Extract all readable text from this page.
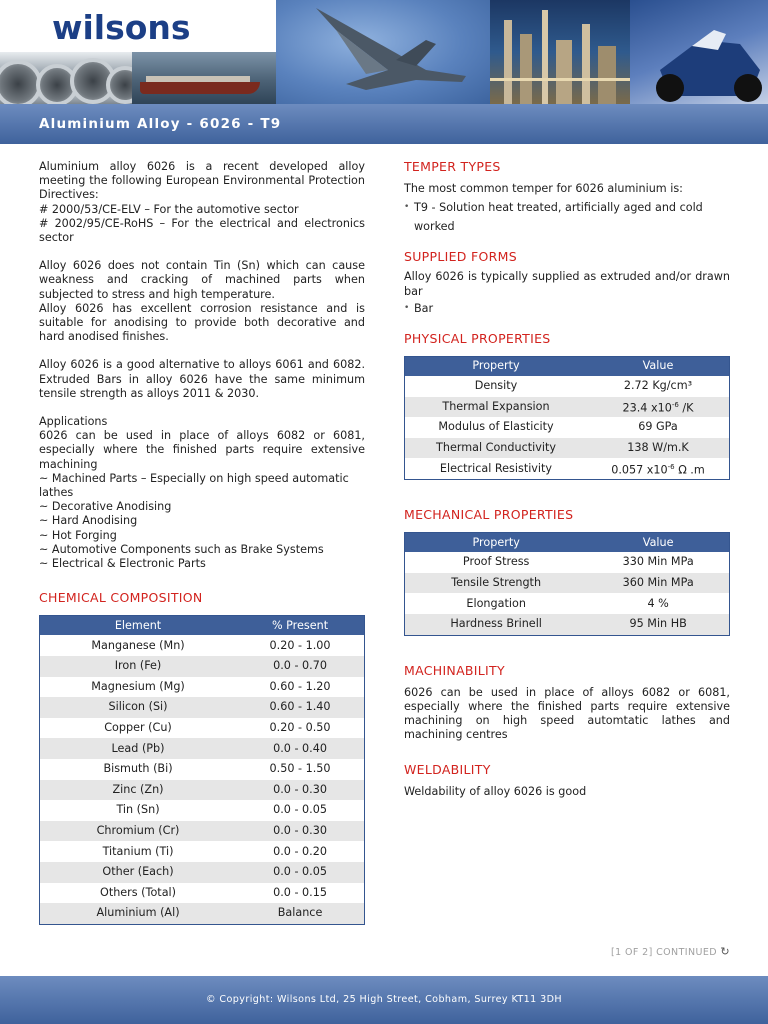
wilsons
Aluminium Alloy - 6026 - T9

Aluminium alloy 6026 is a recent developed alloy meeting the following European Environmental Protection Directives:

# 2000/53/CE-ELV – For the automotive sector

# 2002/95/CE-RoHS – For the electrical and electronics sector

Alloy 6026 does not contain Tin (Sn) which can cause weakness and cracking of machined parts when subjected to stress and high temperature.

Alloy 6026 has excellent corrosion resistance and is suitable for anodising to provide both decorative and hard anodised finishes.

Alloy 6026 is a good alternative to alloys 6061 and 6082. Extruded Bars in alloy 6026 have the same minimum tensile strength as alloys 2011 & 2030.

Applications

6026 can be used in place of alloys 6082 or 6081, especially where the finished parts require extensive machining

~ Machined Parts – Especially on high speed automatic lathes

~ Decorative Anodising

~ Hard Anodising

~ Hot Forging

~ Automotive Components such as Brake Systems

~ Electrical & Electronic Parts

CHEMICAL COMPOSITION

Element	% Present
Manganese (Mn)	0.20 - 1.00
Iron (Fe)	0.0 - 0.70
Magnesium (Mg)	0.60 - 1.20
Silicon (Si)	0.60 - 1.40
Copper (Cu)	0.20 - 0.50
Lead (Pb)	0.0 - 0.40
Bismuth (Bi)	0.50 - 1.50
Zinc (Zn)	0.0 - 0.30
Tin (Sn)	0.0 - 0.05
Chromium (Cr)	0.0 - 0.30
Titanium (Ti)	0.0 - 0.20
Other (Each)	0.0 - 0.05
Others (Total)	0.0 - 0.15
Aluminium (Al)	Balance

TEMPER TYPES

The most common temper for 6026 aluminium is:

• T9 - Solution heat treated, artificially aged and cold worked

SUPPLIED FORMS

Alloy 6026 is typically supplied as extruded and/or drawn bar

• Bar

PHYSICAL PROPERTIES

Property	Value
Density	2.72 Kg/cm³
Thermal Expansion	23.4 $x10^{-6}$ /K
Modulus of Elasticity	69 GPa
Thermal Conductivity	138 W/m.K
Electrical Resistivity	0.057 $x10^{-6}$ Ω .m

MECHANICAL PROPERTIES

Property	Value
Proof Stress	330 Min MPa
Tensile Strength	360 Min MPa
Elongation	4 %
Hardness Brinell	95 Min HB

MACHINABILITY

6026 can be used in place of alloys 6082 or 6081, especially where the finished parts require extensive machining on high speed automtatic lathes and machining centres

WELDABILITY

Weldability of alloy 6026 is good

[1 OF 2] CONTINUED ↻
© Copyright: Wilsons Ltd, 25 High Street, Cobham, Surrey KT11 3DH
